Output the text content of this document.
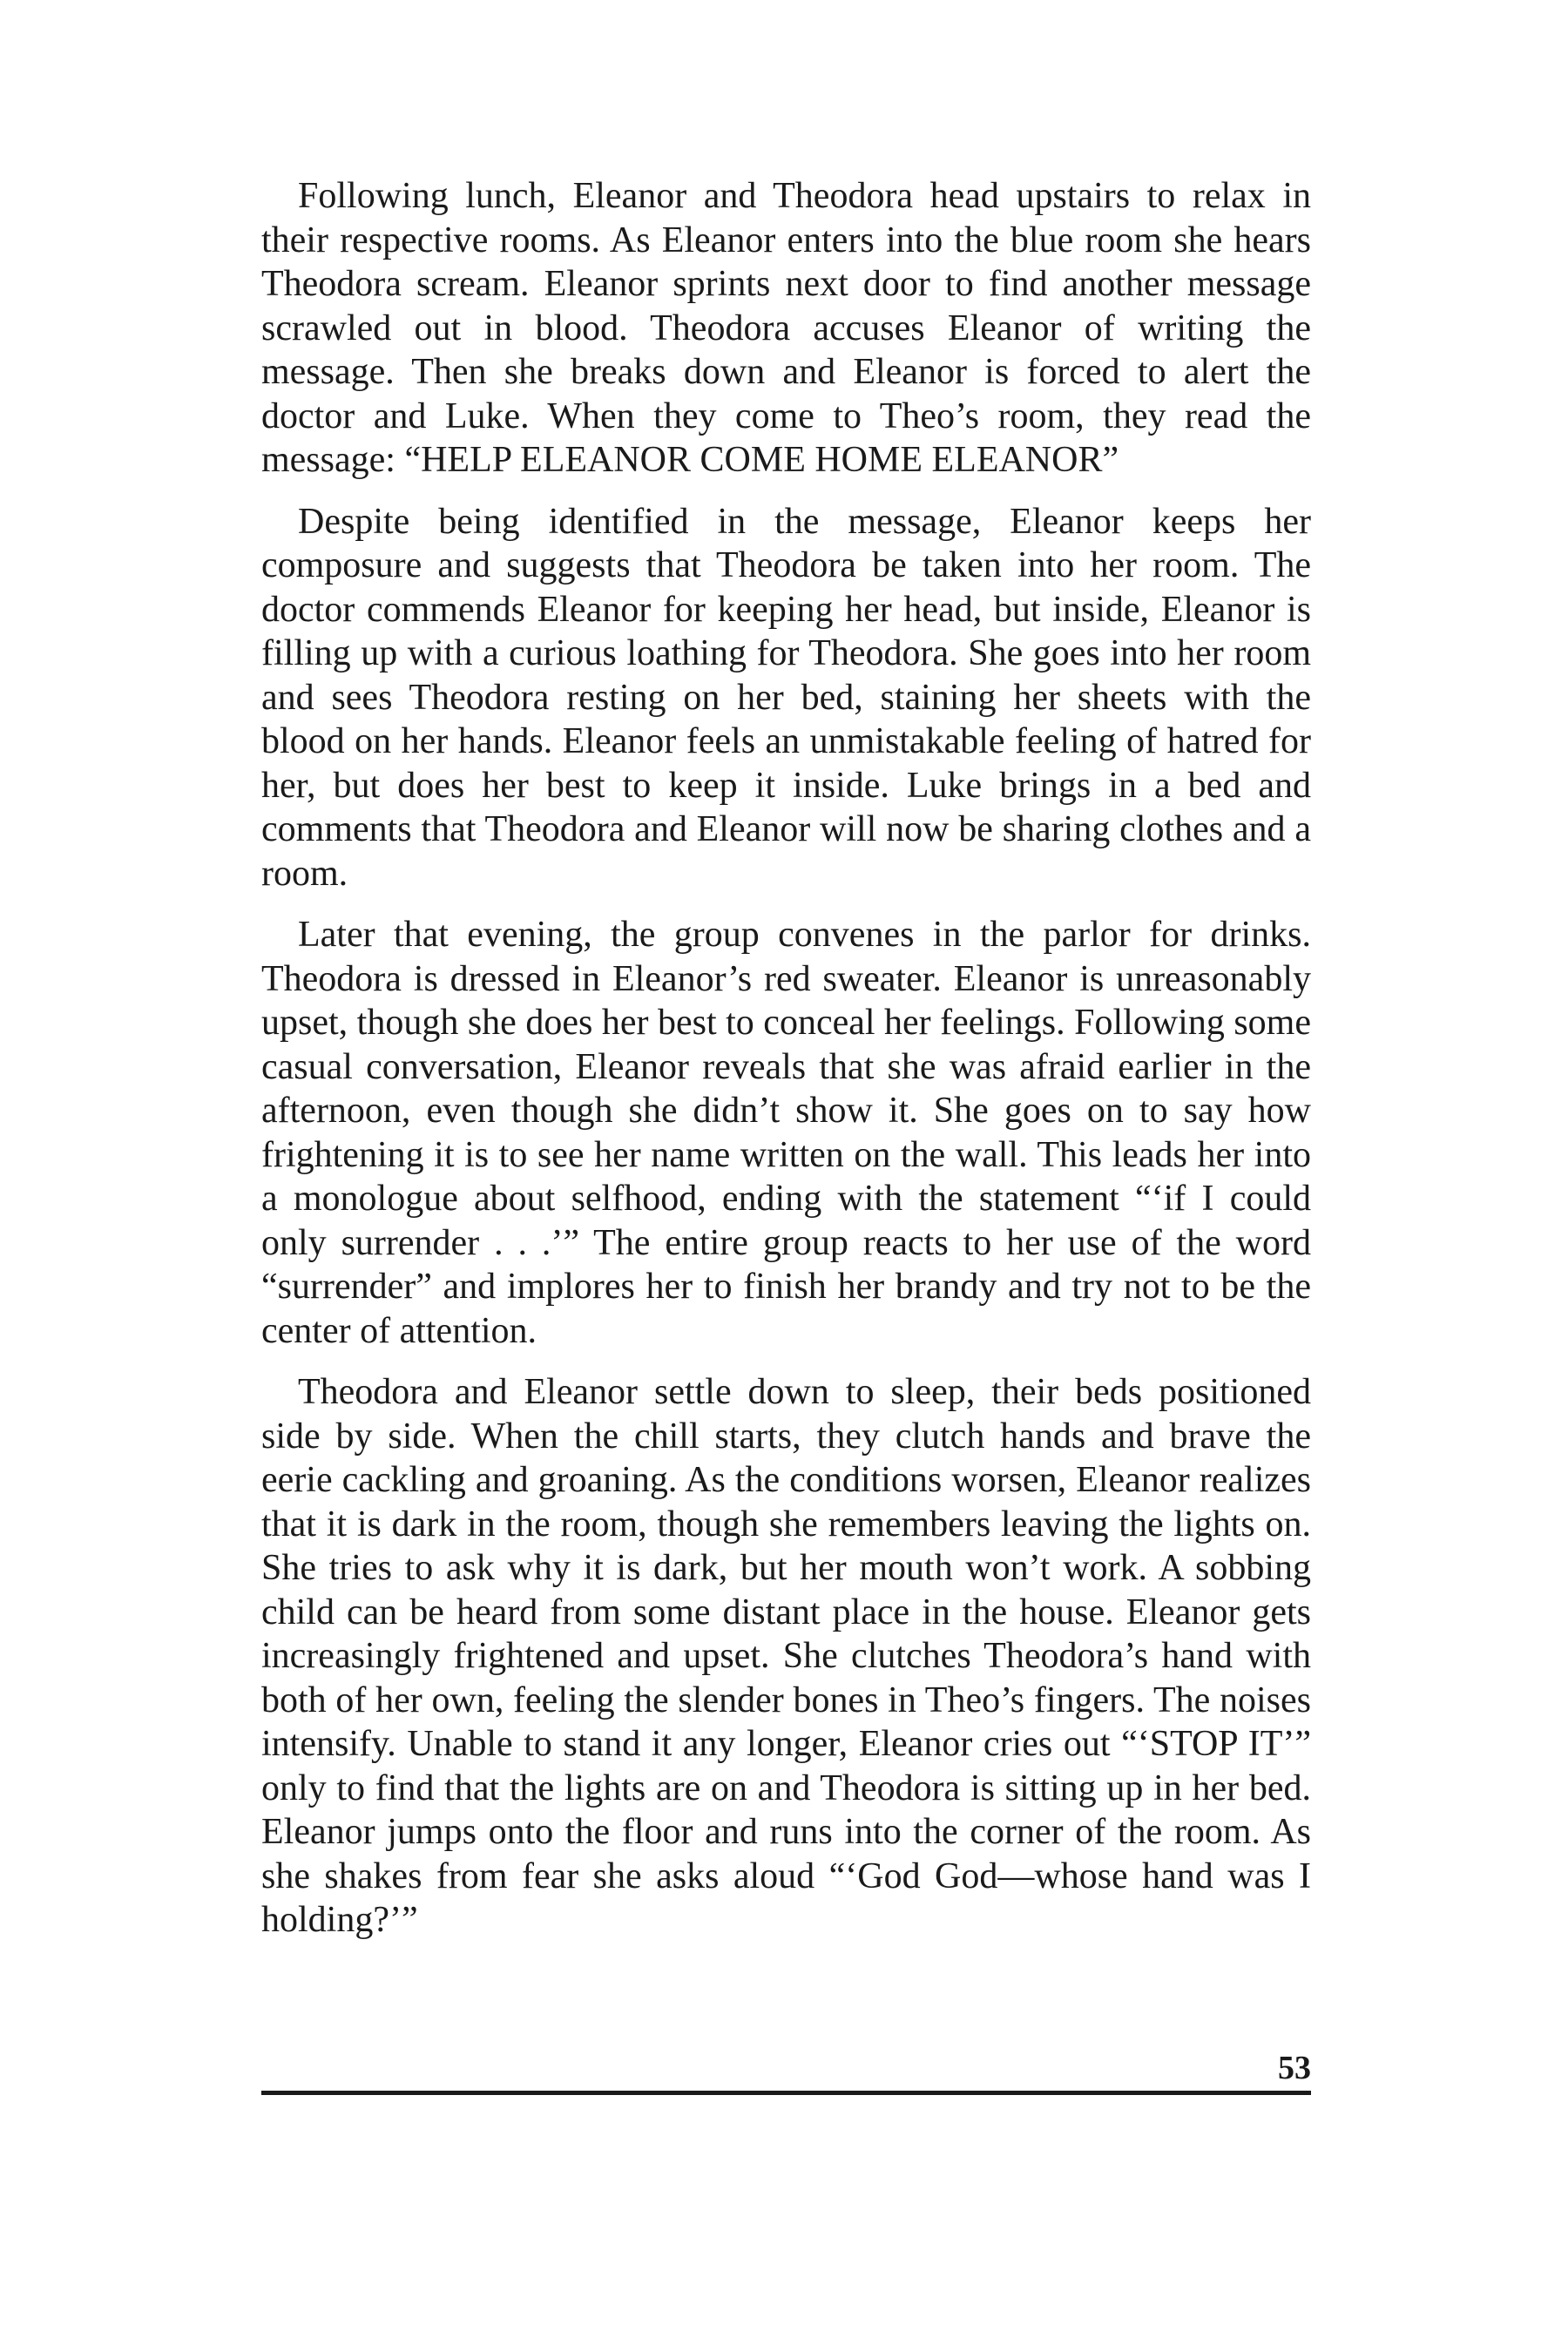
Following lunch, Eleanor and Theodora head upstairs to relax in their respective rooms. As Eleanor enters into the blue room she hears Theodora scream. Eleanor sprints next door to find another message scrawled out in blood. Theodora accuses Eleanor of writing the message. Then she breaks down and Eleanor is forced to alert the doctor and Luke. When they come to Theo’s room, they read the message: “HELP ELEANOR COME HOME ELEANOR”

Despite being identified in the message, Eleanor keeps her composure and suggests that Theodora be taken into her room. The doctor commends Eleanor for keeping her head, but inside, Eleanor is filling up with a curious loathing for Theodora. She goes into her room and sees Theodora resting on her bed, staining her sheets with the blood on her hands. Eleanor feels an unmistakable feeling of hatred for her, but does her best to keep it inside. Luke brings in a bed and comments that Theodora and Eleanor will now be sharing clothes and a room.

Later that evening, the group convenes in the parlor for drinks. Theodora is dressed in Eleanor’s red sweater. Eleanor is unreasonably upset, though she does her best to conceal her feelings. Following some casual conversation, Eleanor reveals that she was afraid earlier in the afternoon, even though she didn’t show it. She goes on to say how frightening it is to see her name written on the wall. This leads her into a monologue about selfhood, ending with the statement “‘if I could only surrender . . .’” The entire group reacts to her use of the word “surrender” and implores her to finish her brandy and try not to be the center of attention.

Theodora and Eleanor settle down to sleep, their beds positioned side by side. When the chill starts, they clutch hands and brave the eerie cackling and groaning. As the conditions worsen, Eleanor realizes that it is dark in the room, though she remembers leaving the lights on. She tries to ask why it is dark, but her mouth won’t work. A sobbing child can be heard from some distant place in the house. Eleanor gets increasingly frightened and upset. She clutches Theodora’s hand with both of her own, feeling the slender bones in Theo’s fingers. The noises intensify. Unable to stand it any longer, Eleanor cries out “‘STOP IT’” only to find that the lights are on and Theodora is sitting up in her bed. Eleanor jumps onto the floor and runs into the corner of the room. As she shakes from fear she asks aloud “‘God God—whose hand was I holding?’”

53
